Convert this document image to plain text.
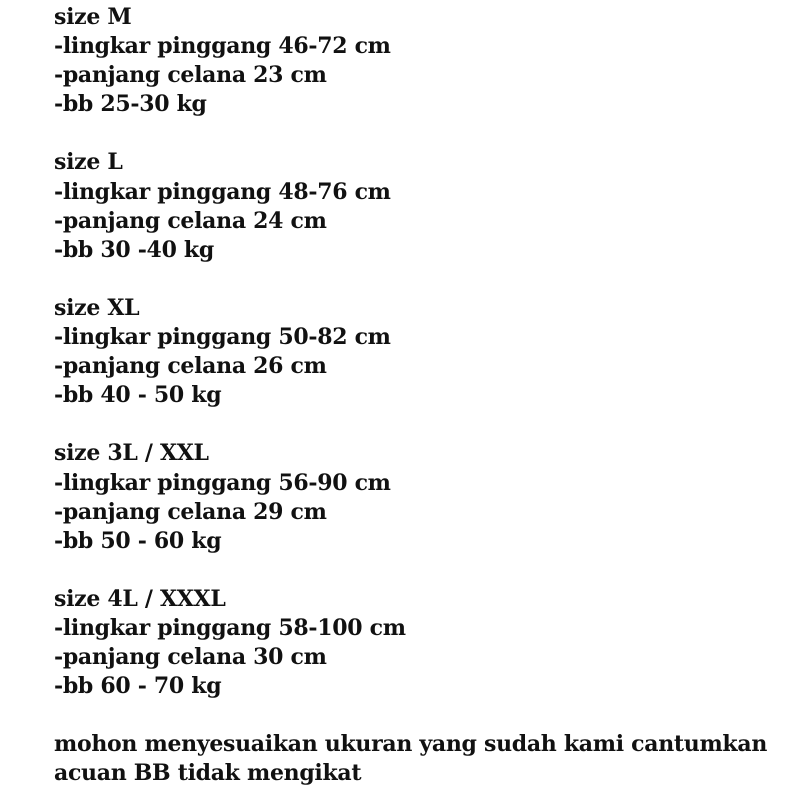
size M
-lingkar pinggang 46-72 cm
-panjang celana 23 cm
-bb 25-30 kg
size L
-lingkar pinggang 48-76 cm
-panjang celana 24 cm
-bb 30 -40 kg
size XL
-lingkar pinggang 50-82 cm
-panjang celana 26 cm
-bb 40 - 50 kg
size 3L / XXL
-lingkar pinggang 56-90 cm
-panjang celana 29 cm
-bb 50 - 60 kg
size 4L / XXXL
-lingkar pinggang 58-100 cm
-panjang celana 30 cm
-bb 60 - 70 kg
mohon menyesuaikan ukuran yang sudah kami cantumkan
acuan BB tidak mengikat
